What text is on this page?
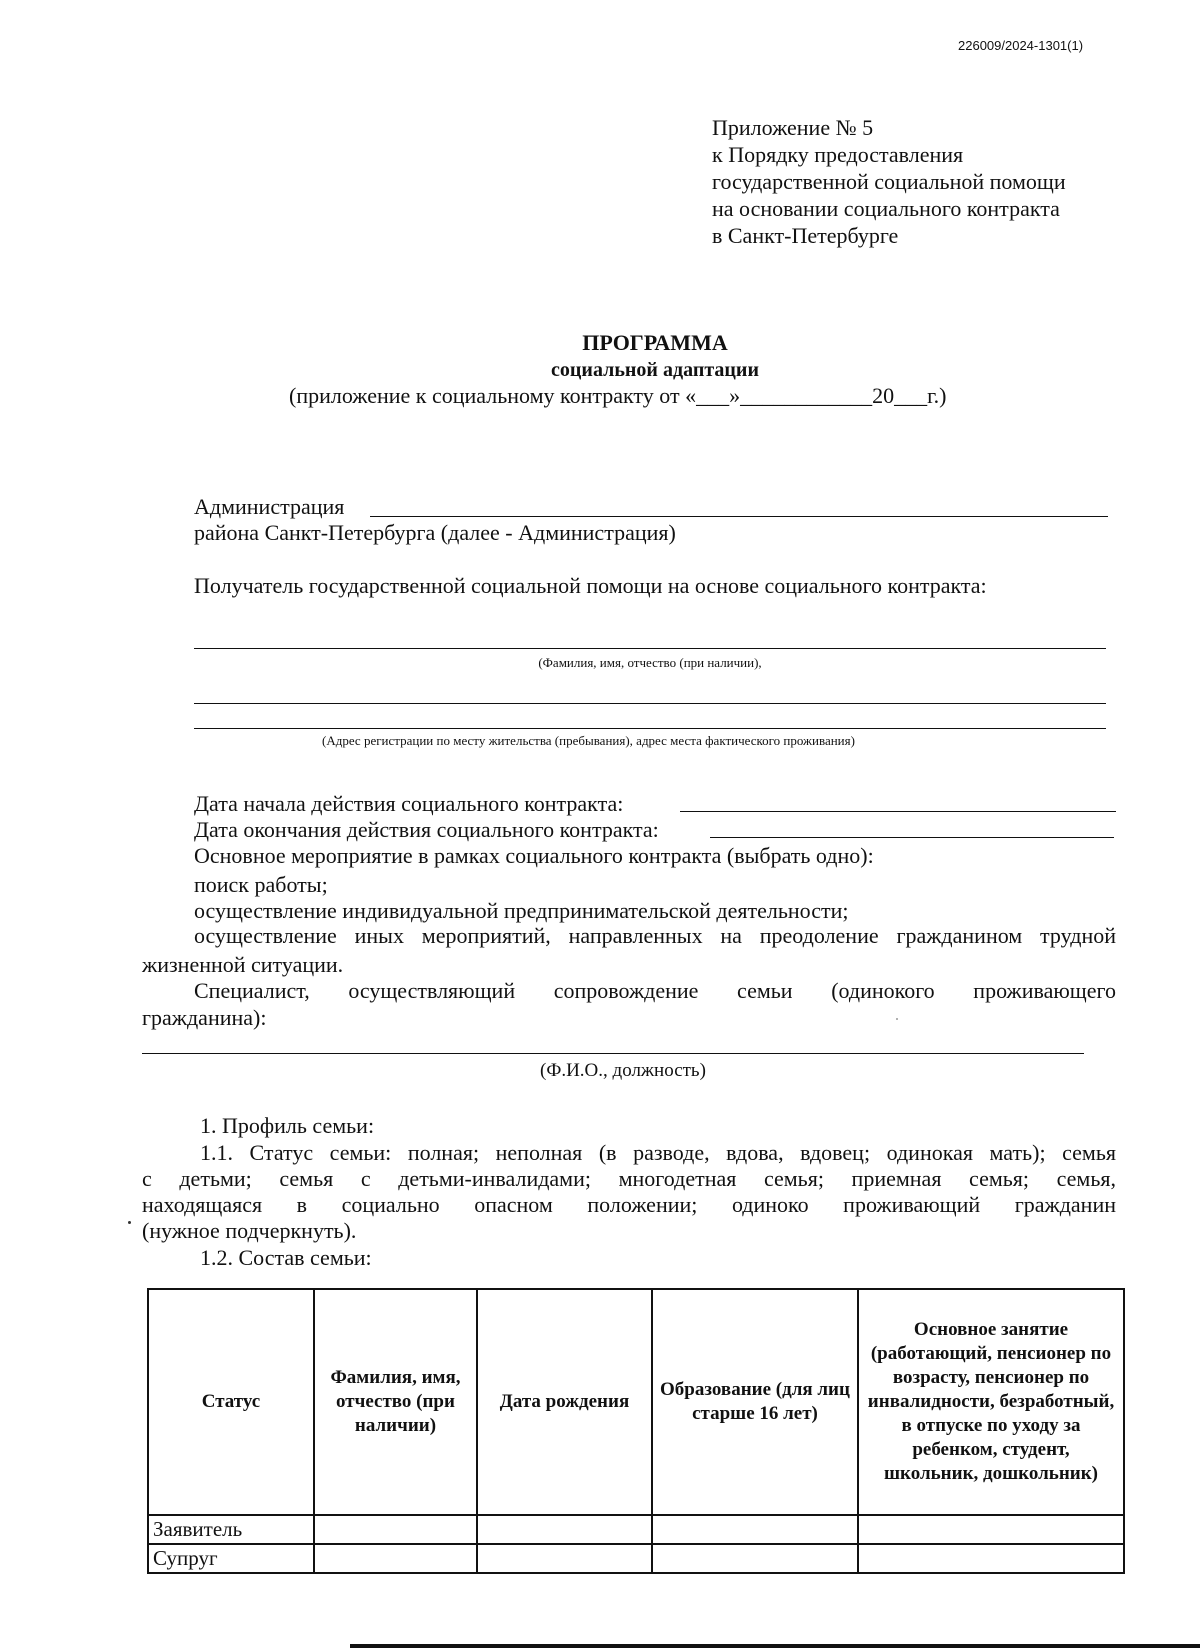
226009/2024-1301(1)
Приложение № 5
к Порядку предоставления
государственной социальной помощи
на основании социального контракта
в Санкт-Петербурге
ПРОГРАММА
социальной адаптации
(приложение к социальному контракту от «___»____________20___г.)
Администрация
района Санкт-Петербурга (далее - Администрация)
Получатель государственной социальной помощи на основе социального контракта:
(Фамилия, имя, отчество (при наличии),
(Адрес регистрации по месту жительства (пребывания), адрес места фактического проживания)
Дата начала действия социального контракта:
Дата окончания действия социального контракта:
Основное мероприятие в рамках социального контракта (выбрать одно):
поиск работы;
осуществление индивидуальной предпринимательской деятельности;
осуществление иных мероприятий, направленных на преодоление гражданином трудной
жизненной ситуации.
Специалист, осуществляющий сопровождение семьи (одинокого проживающего
гражданина):
(Ф.И.О., должность)
1. Профиль семьи:
1.1. Статус семьи: полная; неполная (в разводе, вдова, вдовец; одинокая мать); семья
с детьми; семья с детьми-инвалидами; многодетная семья; приемная семья; семья,
находящаяся в социально опасном положении; одиноко проживающий гражданин
(нужное подчеркнуть).
1.2. Состав семьи:
Статус	Фамилия, имя, отчество (при наличии)	Дата рождения	Образование (для лиц старше 16 лет)	Основное занятие (работающий, пенсионер по возрасту, пенсионер по инвалидности, безработный, в отпуске по уходу за ребенком, студент, школьник, дошкольник)
Заявитель				
Супруг				
